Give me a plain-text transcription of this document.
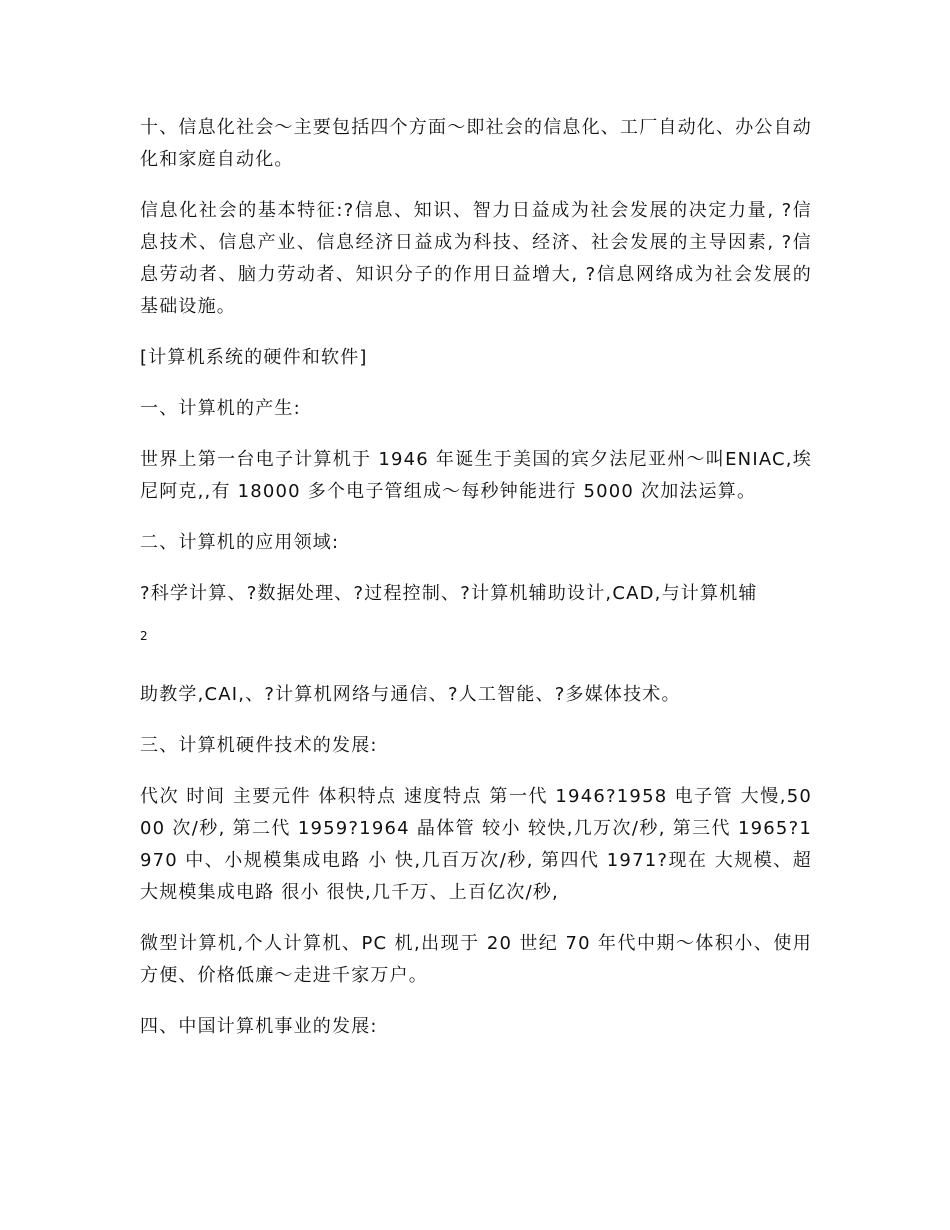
十、信息化社会～主要包括四个方面～即社会的信息化、工厂自动化、办公自动化和家庭自动化。

信息化社会的基本特征:?信息、知识、智力日益成为社会发展的决定力量, ?信息技术、信息产业、信息经济日益成为科技、经济、社会发展的主导因素, ?信息劳动者、脑力劳动者、知识分子的作用日益增大, ?信息网络成为社会发展的基础设施。

[计算机系统的硬件和软件]

一、计算机的产生:

世界上第一台电子计算机于 1946 年诞生于美国的宾夕法尼亚州～叫ENIAC,埃尼阿克,,有 18000 多个电子管组成～每秒钟能进行 5000 次加法运算。

二、计算机的应用领域:

?科学计算、?数据处理、?过程控制、?计算机辅助设计,CAD,与计算机辅

2

助教学,CAI,、?计算机网络与通信、?人工智能、?多媒体技术。

三、计算机硬件技术的发展:

代次 时间 主要元件 体积特点 速度特点 第一代 1946?1958 电子管 大慢,5000 次/秒, 第二代 1959?1964 晶体管 较小 较快,几万次/秒, 第三代 1965?1970 中、小规模集成电路 小 快,几百万次/秒, 第四代 1971?现在 大规模、超大规模集成电路 很小 很快,几千万、上百亿次/秒,

微型计算机,个人计算机、PC 机,出现于 20 世纪 70 年代中期～体积小、使用方便、价格低廉～走进千家万户。

四、中国计算机事业的发展:
